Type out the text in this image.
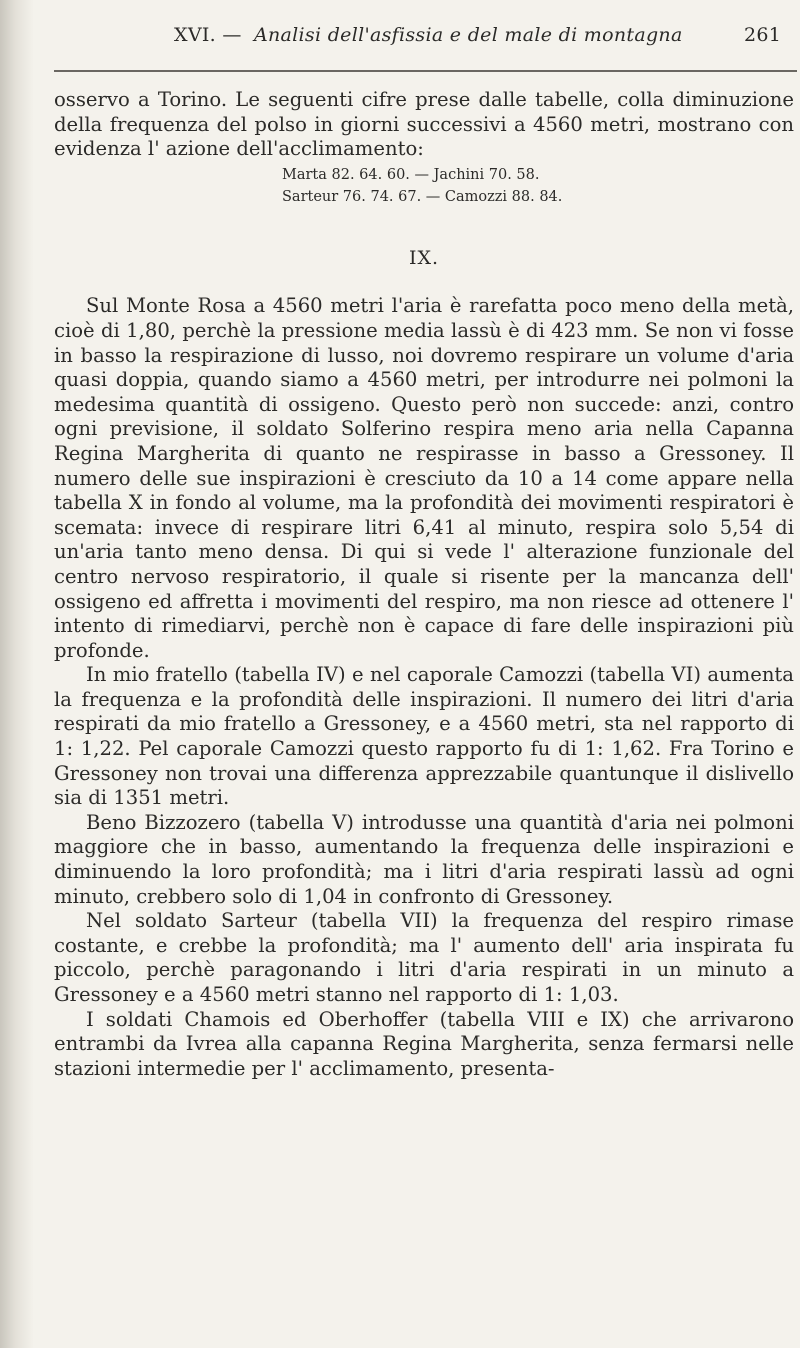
XVI. — Analisi dell'asfissia e del male di montagna	261

osservo a Torino. Le seguenti cifre prese dalle tabelle, colla diminuzione della frequenza del polso in giorni successivi a 4560 metri, mostrano con evidenza l' azione dell'acclimamento:

Marta 82. 64. 60. — Jachini 70. 58.
Sarteur 76. 74. 67. — Camozzi 88. 84.
IX.

Sul Monte Rosa a 4560 metri l'aria è rarefatta poco meno della metà, cioè di 1,80, perchè la pressione media lassù è di 423 mm. Se non vi fosse in basso la respirazione di lusso, noi dovremo respirare un volume d'aria quasi doppia, quando siamo a 4560 metri, per introdurre nei polmoni la medesima quantità di ossigeno. Questo però non succede: anzi, contro ogni previsione, il soldato Solferino respira meno aria nella Capanna Regina Margherita di quanto ne respirasse in basso a Gressoney. Il numero delle sue inspirazioni è cresciuto da 10 a 14 come appare nella tabella X in fondo al volume, ma la profondità dei movimenti respiratori è scemata: invece di respirare litri 6,41 al minuto, respira solo 5,54 di un'aria tanto meno densa. Di qui si vede l' alterazione funzionale del centro nervoso respiratorio, il quale si risente per la mancanza dell' ossigeno ed affretta i movimenti del respiro, ma non riesce ad ottenere l' intento di rimediarvi, perchè non è capace di fare delle inspirazioni più profonde.

In mio fratello (tabella IV) e nel caporale Camozzi (tabella VI) aumenta la frequenza e la profondità delle inspirazioni. Il numero dei litri d'aria respirati da mio fratello a Gressoney, e a 4560 metri, sta nel rapporto di 1: 1,22. Pel caporale Camozzi questo rapporto fu di 1: 1,62. Fra Torino e Gressoney non trovai una differenza apprezzabile quantunque il dislivello sia di 1351 metri.

Beno Bizzozero (tabella V) introdusse una quantità d'aria nei polmoni maggiore che in basso, aumentando la frequenza delle inspirazioni e diminuendo la loro profondità; ma i litri d'aria respirati lassù ad ogni minuto, crebbero solo di 1,04 in confronto di Gressoney.

Nel soldato Sarteur (tabella VII) la frequenza del respiro rimase costante, e crebbe la profondità; ma l' aumento dell' aria inspirata fu piccolo, perchè paragonando i litri d'aria respirati in un minuto a Gressoney e a 4560 metri stanno nel rapporto di 1: 1,03.

I soldati Chamois ed Oberhoffer (tabella VIII e IX) che arrivarono entrambi da Ivrea alla capanna Regina Margherita, senza fermarsi nelle stazioni intermedie per l' acclimamento, presenta-
